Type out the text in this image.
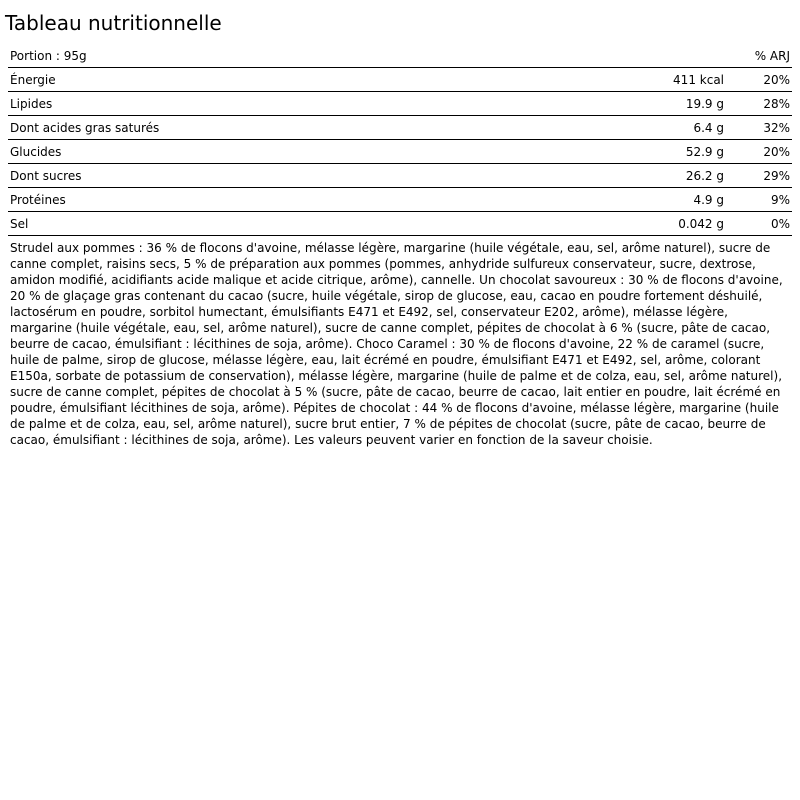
Tableau nutritionnelle
Portion : 95g		% ARJ
Énergie	411 kcal	20%
Lipides	19.9 g	28%
Dont acides gras saturés	6.4 g	32%
Glucides	52.9 g	20%
Dont sucres	26.2 g	29%
Protéines	4.9 g	9%
Sel	0.042 g	0%

Strudel aux pommes : 36 % de flocons d'avoine, mélasse légère, margarine (huile végétale, eau, sel, arôme naturel), sucre de canne complet, raisins secs, 5 % de préparation aux pommes (pommes, anhydride sulfureux conservateur, sucre, dextrose, amidon modifié, acidifiants acide malique et acide citrique, arôme), cannelle. Un chocolat savoureux : 30 % de flocons d'avoine, 20 % de glaçage gras contenant du cacao (sucre, huile végétale, sirop de glucose, eau, cacao en poudre fortement déshuilé, lactosérum en poudre, sorbitol humectant, émulsifiants E471 et E492, sel, conservateur E202, arôme), mélasse légère, margarine (huile végétale, eau, sel, arôme naturel), sucre de canne complet, pépites de chocolat à 6 % (sucre, pâte de cacao, beurre de cacao, émulsifiant : lécithines de soja, arôme). Choco Caramel : 30 % de flocons d'avoine, 22 % de caramel (sucre, huile de palme, sirop de glucose, mélasse légère, eau, lait écrémé en poudre, émulsifiant E471 et E492, sel, arôme, colorant E150a, sorbate de potassium de conservation), mélasse légère, margarine (huile de palme et de colza, eau, sel, arôme naturel), sucre de canne complet, pépites de chocolat à 5 % (sucre, pâte de cacao, beurre de cacao, lait entier en poudre, lait écrémé en poudre, émulsifiant lécithines de soja, arôme). Pépites de chocolat : 44 % de flocons d'avoine, mélasse légère, margarine (huile de palme et de colza, eau, sel, arôme naturel), sucre brut entier, 7 % de pépites de chocolat (sucre, pâte de cacao, beurre de cacao, émulsifiant : lécithines de soja, arôme). Les valeurs peuvent varier en fonction de la saveur choisie.
